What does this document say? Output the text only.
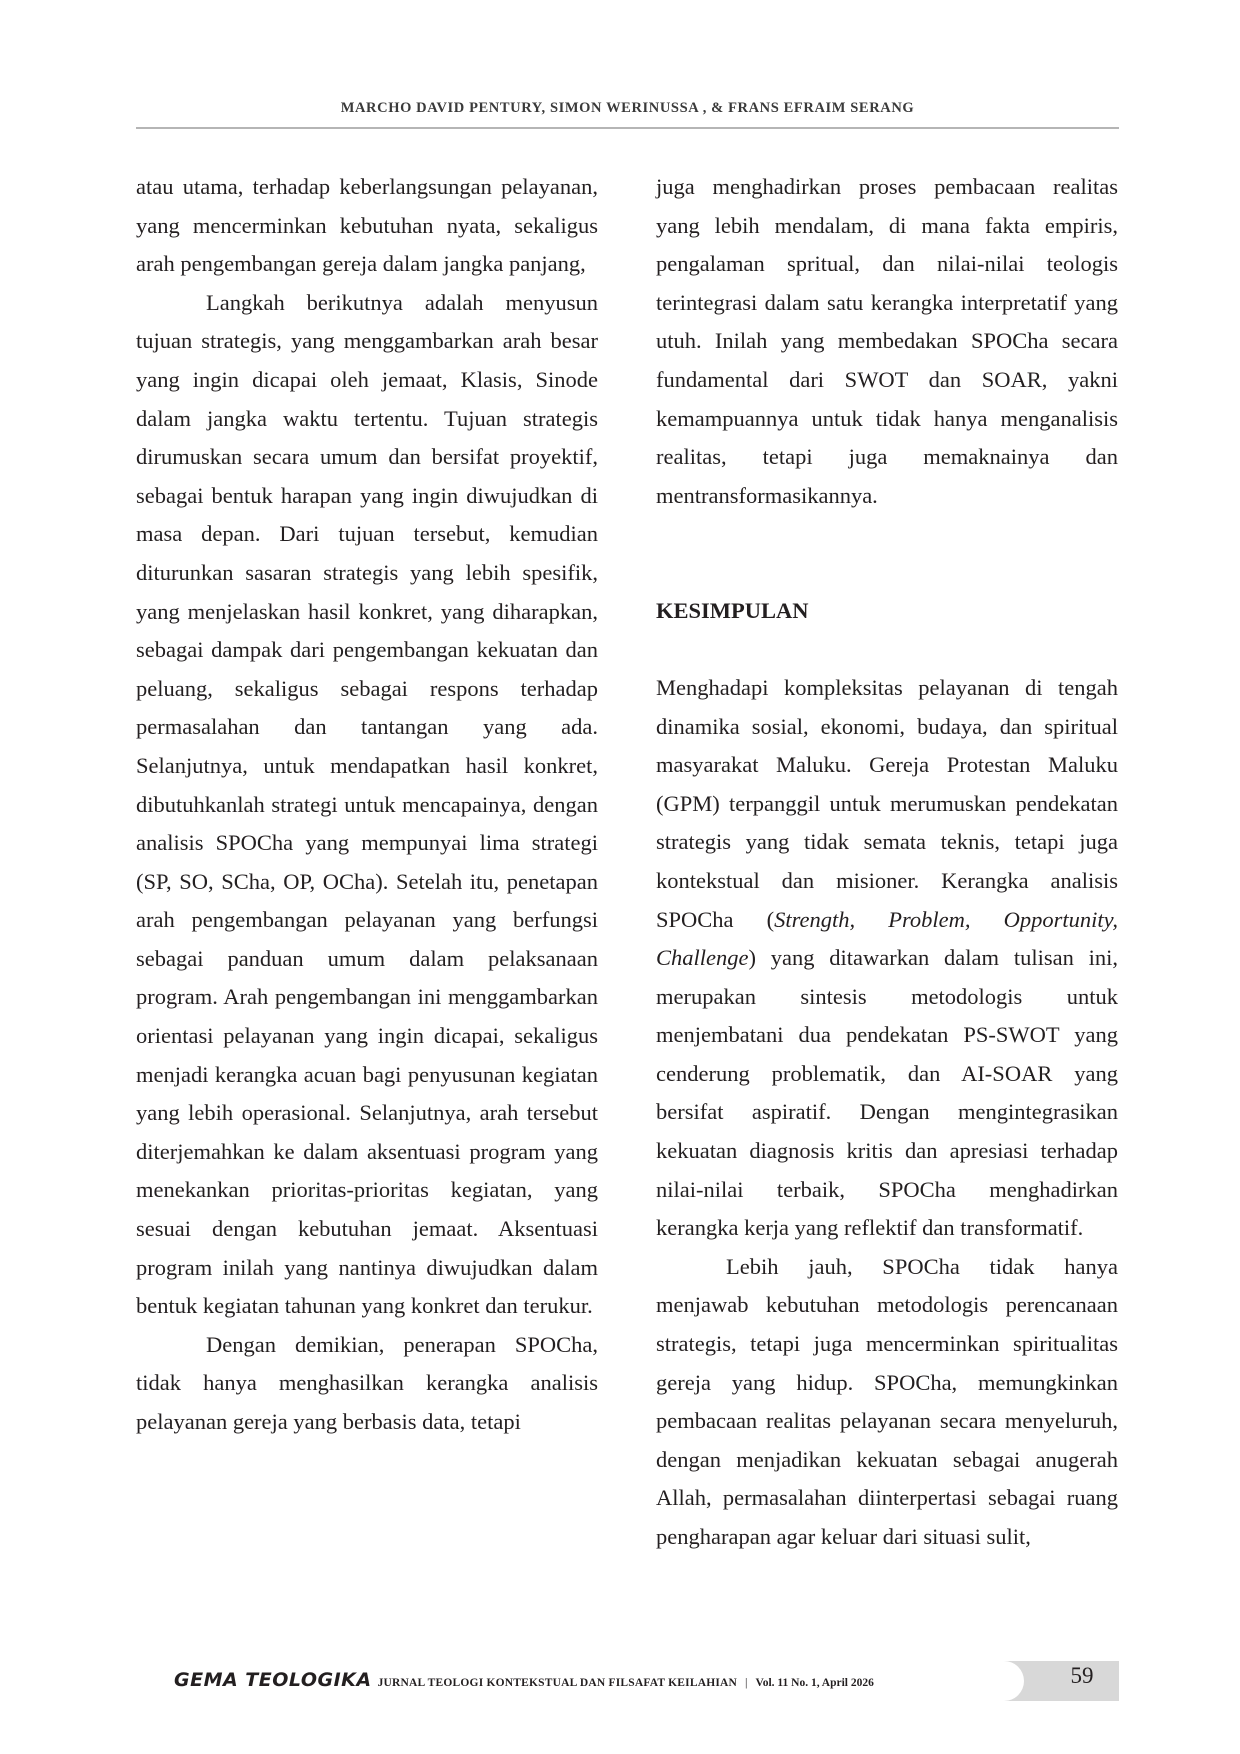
MARCHO DAVID PENTURY, SIMON WERINUSSA , & FRANS EFRAIM SERANG

atau utama, terhadap keberlangsungan pelayanan, yang mencerminkan kebutuhan nyata, sekaligus arah pengembangan gereja dalam jangka panjang,

Langkah berikutnya adalah menyusun tujuan strategis, yang menggambarkan arah besar yang ingin dicapai oleh jemaat, Klasis, Sinode dalam jangka waktu tertentu. Tujuan strategis dirumuskan secara umum dan bersifat proyektif, sebagai bentuk harapan yang ingin diwujudkan di masa depan. Dari tujuan tersebut, kemudian diturunkan sasaran strategis yang lebih spesifik, yang menjelaskan hasil konkret, yang diharapkan, sebagai dampak dari pengembangan kekuatan dan peluang, sekaligus sebagai respons terhadap permasalahan dan tantangan yang ada. Selanjutnya, untuk mendapatkan hasil konkret, dibutuhkanlah strategi untuk mencapainya, dengan analisis SPOCha yang mempunyai lima strategi (SP, SO, SCha, OP, OCha). Setelah itu, penetapan arah pengembangan pelayanan yang berfungsi sebagai panduan umum dalam pelaksanaan program. Arah pengembangan ini menggambarkan orientasi pelayanan yang ingin dicapai, sekaligus menjadi kerangka acuan bagi penyusunan kegiatan yang lebih operasional. Selanjutnya, arah tersebut diterjemahkan ke dalam aksentuasi program yang menekankan prioritas-prioritas kegiatan, yang sesuai dengan kebutuhan jemaat. Aksentuasi program inilah yang nantinya diwujudkan dalam bentuk kegiatan tahunan yang konkret dan terukur.

Dengan demikian, penerapan SPOCha, tidak hanya menghasilkan kerangka analisis pelayanan gereja yang berbasis data, tetapi

juga menghadirkan proses pembacaan realitas yang lebih mendalam, di mana fakta empiris, pengalaman spritual, dan nilai-nilai teologis terintegrasi dalam satu kerangka interpretatif yang utuh. Inilah yang membedakan SPOCha secara fundamental dari SWOT dan SOAR, yakni kemampuannya untuk tidak hanya menganalisis realitas, tetapi juga memaknainya dan mentransformasikannya.

KESIMPULAN

Menghadapi kompleksitas pelayanan di tengah dinamika sosial, ekonomi, budaya, dan spiritual masyarakat Maluku. Gereja Protestan Maluku (GPM) terpanggil untuk merumuskan pendekatan strategis yang tidak semata teknis, tetapi juga kontekstual dan misioner. Kerangka analisis SPOCha (Strength, Problem, Opportunity, Challenge) yang ditawarkan dalam tulisan ini, merupakan sintesis metodologis untuk menjembatani dua pendekatan PS-SWOT yang cenderung problematik, dan AI-SOAR yang bersifat aspiratif. Dengan mengintegrasikan kekuatan diagnosis kritis dan apresiasi terhadap nilai-nilai terbaik, SPOCha menghadirkan kerangka kerja yang reflektif dan transformatif.

Lebih jauh, SPOCha tidak hanya menjawab kebutuhan metodologis perencanaan strategis, tetapi juga mencerminkan spiritualitas gereja yang hidup. SPOCha, memungkinkan pembacaan realitas pelayanan secara menyeluruh, dengan menjadikan kekuatan sebagai anugerah Allah, permasalahan diinterpertasi sebagai ruang pengharapan agar keluar dari situasi sulit,

GEMA TEOLOGIKA JURNAL TEOLOGI KONTEKSTUAL DAN FILSAFAT KEILAHIAN | Vol. 11 No. 1, April 2026	59
